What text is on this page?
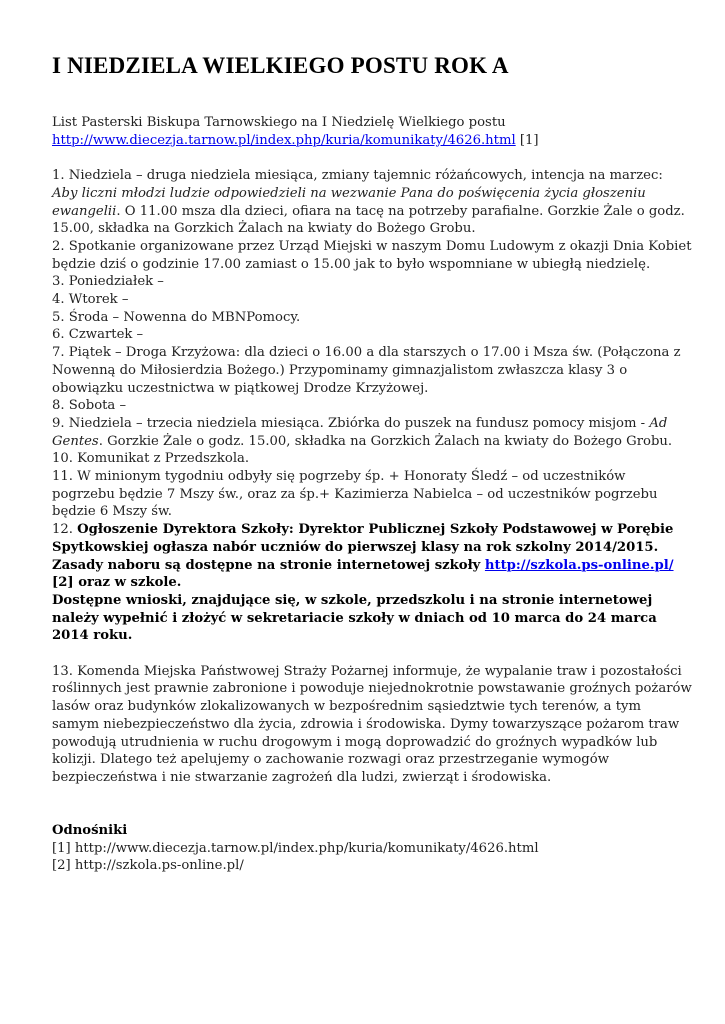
I NIEDZIELA WIELKIEGO POSTU ROK A

List Pasterski Biskupa Tarnowskiego na I Niedzielę Wielkiego postu
http://www.diecezja.tarnow.pl/index.php/kuria/komunikaty/4626.html [1]

1. Niedziela – druga niedziela miesiąca, zmiany tajemnic różańcowych, intencja na marzec: Aby liczni młodzi ludzie odpowiedzieli na wezwanie Pana do poświęcenia życia głoszeniu ewangelii. O 11.00 msza dla dzieci, ofiara na tacę na potrzeby parafialne. Gorzkie Żale o godz. 15.00, składka na Gorzkich Żalach na kwiaty do Bożego Grobu.

2. Spotkanie organizowane przez Urząd Miejski w naszym Domu Ludowym z okazji Dnia Kobiet będzie dziś o godzinie 17.00 zamiast o 15.00 jak to było wspomniane w ubiegłą niedzielę.

3. Poniedziałek –

4. Wtorek –

5. Środa – Nowenna do MBNPomocy.

6. Czwartek –

7. Piątek – Droga Krzyżowa: dla dzieci o 16.00 a dla starszych o 17.00 i Msza św. (Połączona z Nowenną do Miłosierdzia Bożego.) Przypominamy gimnazjalistom zwłaszcza klasy 3 o obowiązku uczestnictwa w piątkowej Drodze Krzyżowej.

8. Sobota –

9. Niedziela – trzecia niedziela miesiąca. Zbiórka do puszek na fundusz pomocy misjom - Ad Gentes. Gorzkie Żale o godz. 15.00, składka na Gorzkich Żalach na kwiaty do Bożego Grobu.

10. Komunikat z Przedszkola.

11. W minionym tygodniu odbyły się pogrzeby śp. + Honoraty Śledź – od uczestników pogrzebu będzie 7 Mszy św., oraz za śp.+ Kazimierza Nabielca – od uczestników pogrzebu będzie 6 Mszy św.

12. Ogłoszenie Dyrektora Szkoły: Dyrektor Publicznej Szkoły Podstawowej w Porębie Spytkowskiej ogłasza nabór uczniów do pierwszej klasy na rok szkolny 2014/2015.
Zasady naboru są dostępne na stronie internetowej szkoły http://szkola.ps-online.pl/ [2] oraz w szkole.
Dostępne wnioski, znajdujące się, w szkole, przedszkolu i na stronie internetowej należy wypełnić i złożyć w sekretariacie szkoły w dniach od 10 marca do 24 marca 2014 roku.

13. Komenda Miejska Państwowej Straży Pożarnej informuje, że wypalanie traw i pozostałości roślinnych jest prawnie zabronione i powoduje niejednokrotnie powstawanie groźnych pożarów lasów oraz budynków zlokalizowanych w bezpośrednim sąsiedztwie tych terenów, a tym samym niebezpieczeństwo dla życia, zdrowia i środowiska. Dymy towarzyszące pożarom traw powodują utrudnienia w ruchu drogowym i mogą doprowadzić do groźnych wypadków lub kolizji. Dlatego też apelujemy o zachowanie rozwagi oraz przestrzeganie wymogów bezpieczeństwa i nie stwarzanie zagrożeń dla ludzi, zwierząt i środowiska.

Odnośniki

[1] http://www.diecezja.tarnow.pl/index.php/kuria/komunikaty/4626.html

[2] http://szkola.ps-online.pl/
